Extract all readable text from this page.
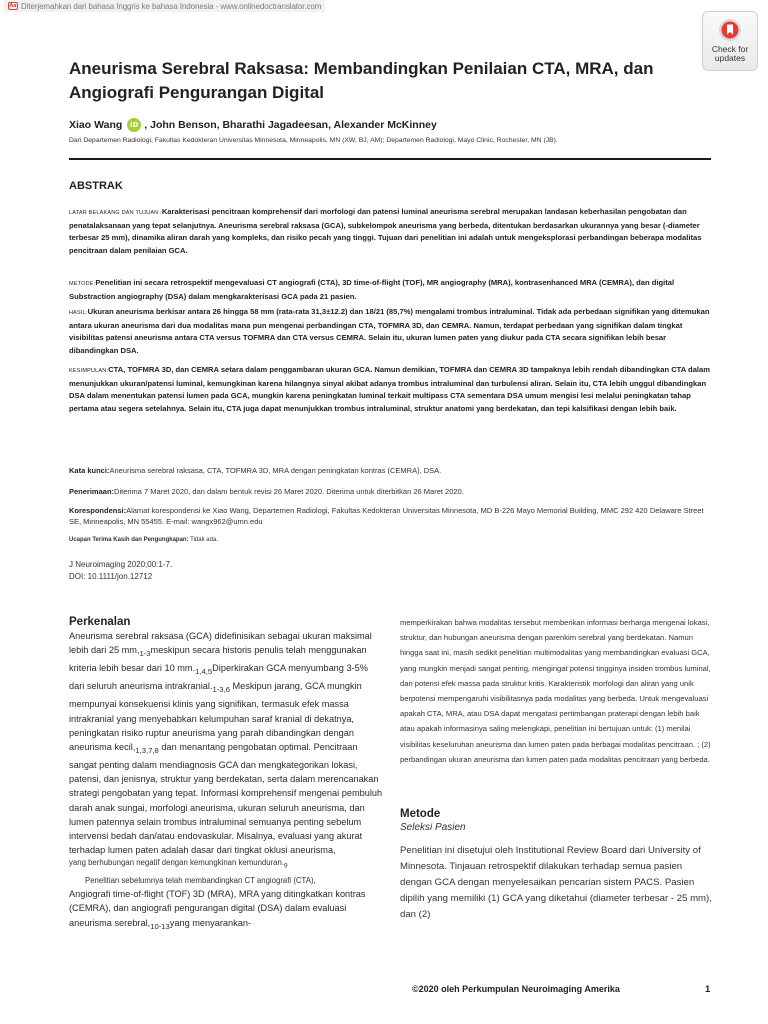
Aa Diterjemahkan dari bahasa Inggris ke bahasa Indonesia - www.onlinedoctranslator.com
Check for
updates
Aneurisma Serebral Raksasa: Membandingkan Penilaian CTA, MRA, dan Angiografi Pengurangan Digital
Xiao Wang	iD , John Benson, Bharathi Jagadeesan, Alexander McKinney
Dari Departemen Radiologi, Fakultas Kedokteran Universitas Minnesota, Minneapolis, MN (XW, BJ, AM); Departemen Radiologi, Mayo Clinic, Rochester, MN (JB).
ABSTRAK

LATAR BELAKANG DAN TUJUAN :Karakterisasi pencitraan komprehensif dari morfologi dan patensi luminal aneurisma serebral merupakan landasan keberhasilan pengobatan dan penatalaksanaan yang tepat selanjutnya. Aneurisma serebral raksasa (GCA), subkelompok aneurisma yang berbeda, ditentukan berdasarkan ukurannya yang besar (-diameter terbesar 25 mm), dinamika aliran darah yang kompleks, dan risiko pecah yang tinggi. Tujuan dari penelitian ini adalah untuk mengeksplorasi perbandingan beberapa modalitas pencitraan dalam penilaian GCA.

METODE:Penelitian ini secara retrospektif mengevaluasi CT angiografi (CTA), 3D time-of-flight (TOF), MR angiography (MRA), kontrasenhanced MRA (CEMRA), dan digital Substraction angiography (DSA) dalam mengkarakterisasi GCA pada 21 pasien.

HASIL:Ukuran aneurisma berkisar antara 26 hingga 58 mm (rata-rata 31,3±12.2) dan 18/21 (85,7%) mengalami trombus intraluminal. Tidak ada perbedaan signifikan yang ditemukan antara ukuran aneurisma dari dua modalitas mana pun mengenai perbandingan CTA, TOFMRA 3D, dan CEMRA. Namun, terdapat perbedaan yang signifikan dalam tingkat visibilitas patensi aneurisma antara CTA versus TOFMRA dan CTA versus CEMRA. Selain itu, ukuran lumen paten yang diukur pada CTA secara signifikan lebih besar dibandingkan DSA.

KESIMPULAN:CTA, TOFMRA 3D, dan CEMRA setara dalam penggambaran ukuran GCA. Namun demikian, TOFMRA dan CEMRA 3D tampaknya lebih rendah dibandingkan CTA dalam menunjukkan ukuran/patensi luminal, kemungkinan karena hilangnya sinyal akibat adanya trombus intraluminal dan turbulensi aliran. Selain itu, CTA lebih unggul dibandingkan DSA dalam menentukan patensi lumen pada GCA, mungkin karena peningkatan luminal terkait multipass CTA sementara DSA umum mengisi lesi melalui peningkatan tahap pertama atau segera setelahnya. Selain itu, CTA juga dapat menunjukkan trombus intraluminal, struktur anatomi yang berdekatan, dan tepi kalsifikasi dengan lebih baik.

Kata kunci:Aneurisma serebral raksasa, CTA, TOFMRA 3D, MRA dengan peningkatan kontras (CEMRA), DSA.

Penerimaan:Diterima 7 Maret 2020, dan dalam bentuk revisi 26 Maret 2020. Diterima untuk diterbitkan 26 Maret 2020.

Korespondensi:Alamat korespondensi ke Xiao Wang, Departemen Radiologi, Fakultas Kedokteran Universitas Minnesota, MD B-226 Mayo Memorial Building, MMC 292 420 Delaware Street SE, Minneapolis, MN 55455. E-mail: wangx962@umn.edu

Ucapan Terima Kasih dan Pengungkapan: Tidak ada.

J Neuroimaging 2020;00:1-7.
DOI: 10.1111/jon.12712
Perkenalan

Aneurisma serebral raksasa (GCA) didefinisikan sebagai ukuran maksimal lebih dari 25 $mm,_{1-3}meskipun$ secara historis penulis telah menggunakan kriteria lebih besar dari 10 $mm._{1,4,5}Diperkirakan$ GCA menyumbang 3-5% dari seluruh aneurisma $intrakranial._{1-3,6}$ Meskipun jarang, GCA mungkin mempunyai konsekuensi klinis yang signifikan, termasuk efek massa intrakranial yang menyebabkan kelumpuhan saraf kranial di dekatnya, peningkatan risiko ruptur aneurisma yang parah dibandingkan dengan aneurisma $kecil,_{1,3,7,8}$ dan menantang pengobatan optimal. Pencitraan sangat penting dalam mendiagnosis GCA dan mengkategorikan lokasi, patensi, dan jenisnya, struktur yang berdekatan, serta dalam merencanakan strategi pengobatan yang tepat. Informasi komprehensif mengenai pembuluh darah anak sungai, morfologi aneurisma, ukuran seluruh aneurisma, dan lumen patennya selain trombus intraluminal semuanya penting sebelum intervensi bedah dan/atau endovaskular. Misalnya, evaluasi yang akurat terhadap lumen paten adalah dasar dari tingkat oklusi aneurisma,

yang berhubungan negatif dengan kemungkinan $kemunduran._9$

Penelitian sebelumnya telah membandingkan CT angiografi (CTA),
Angiografi time-of-flight (TOF) 3D (MRA), MRA yang ditingkatkan kontras (CEMRA), dan angiografi pengurangan digital (DSA) dalam evaluasi aneurisma $serebral,_{10-13}yang$ menyarankan-

memperkirakan bahwa modalitas tersebut memberikan informasi berharga mengenai lokasi, struktur, dan hubungan aneurisma dengan parenkim serebral yang berdekatan. Namun hingga saat ini, masih sedikit penelitian multimodalitas yang membandingkan evaluasi GCA, yang mungkin menjadi sangat penting, mengingat potensi tingginya insiden trombus luminal, dan potensi efek massa pada struktur kritis. Karakteristik morfologi dan aliran yang unik berpotensi mempengaruhi visibilitasnya pada modalitas yang berbeda. Untuk mengevaluasi apakah CTA, MRA, atau DSA dapat mengatasi pertimbangan praterapi dengan lebih baik atau apakah informasinya saling melengkapi, penelitian ini bertujuan untuk: (1) menilai visibilitas keseluruhan aneurisma dan lumen paten pada berbagai modalitas pencitraan. ; (2) perbandingan ukuran aneurisma dan lumen paten pada modalitas pencitraan yang berbeda.

Metode
Seleksi Pasien

Penelitian ini disetujui oleh Institutional Review Board dari University of Minnesota. Tinjauan retrospektif dilakukan terhadap semua pasien dengan GCA dengan menyelesaikan pencarian sistem PACS. Pasien dipilih yang memiliki (1) GCA yang diketahui (diameter terbesar - 25 mm), dan (2)

©2020 oleh Perkumpulan Neuroimaging Amerika	1
